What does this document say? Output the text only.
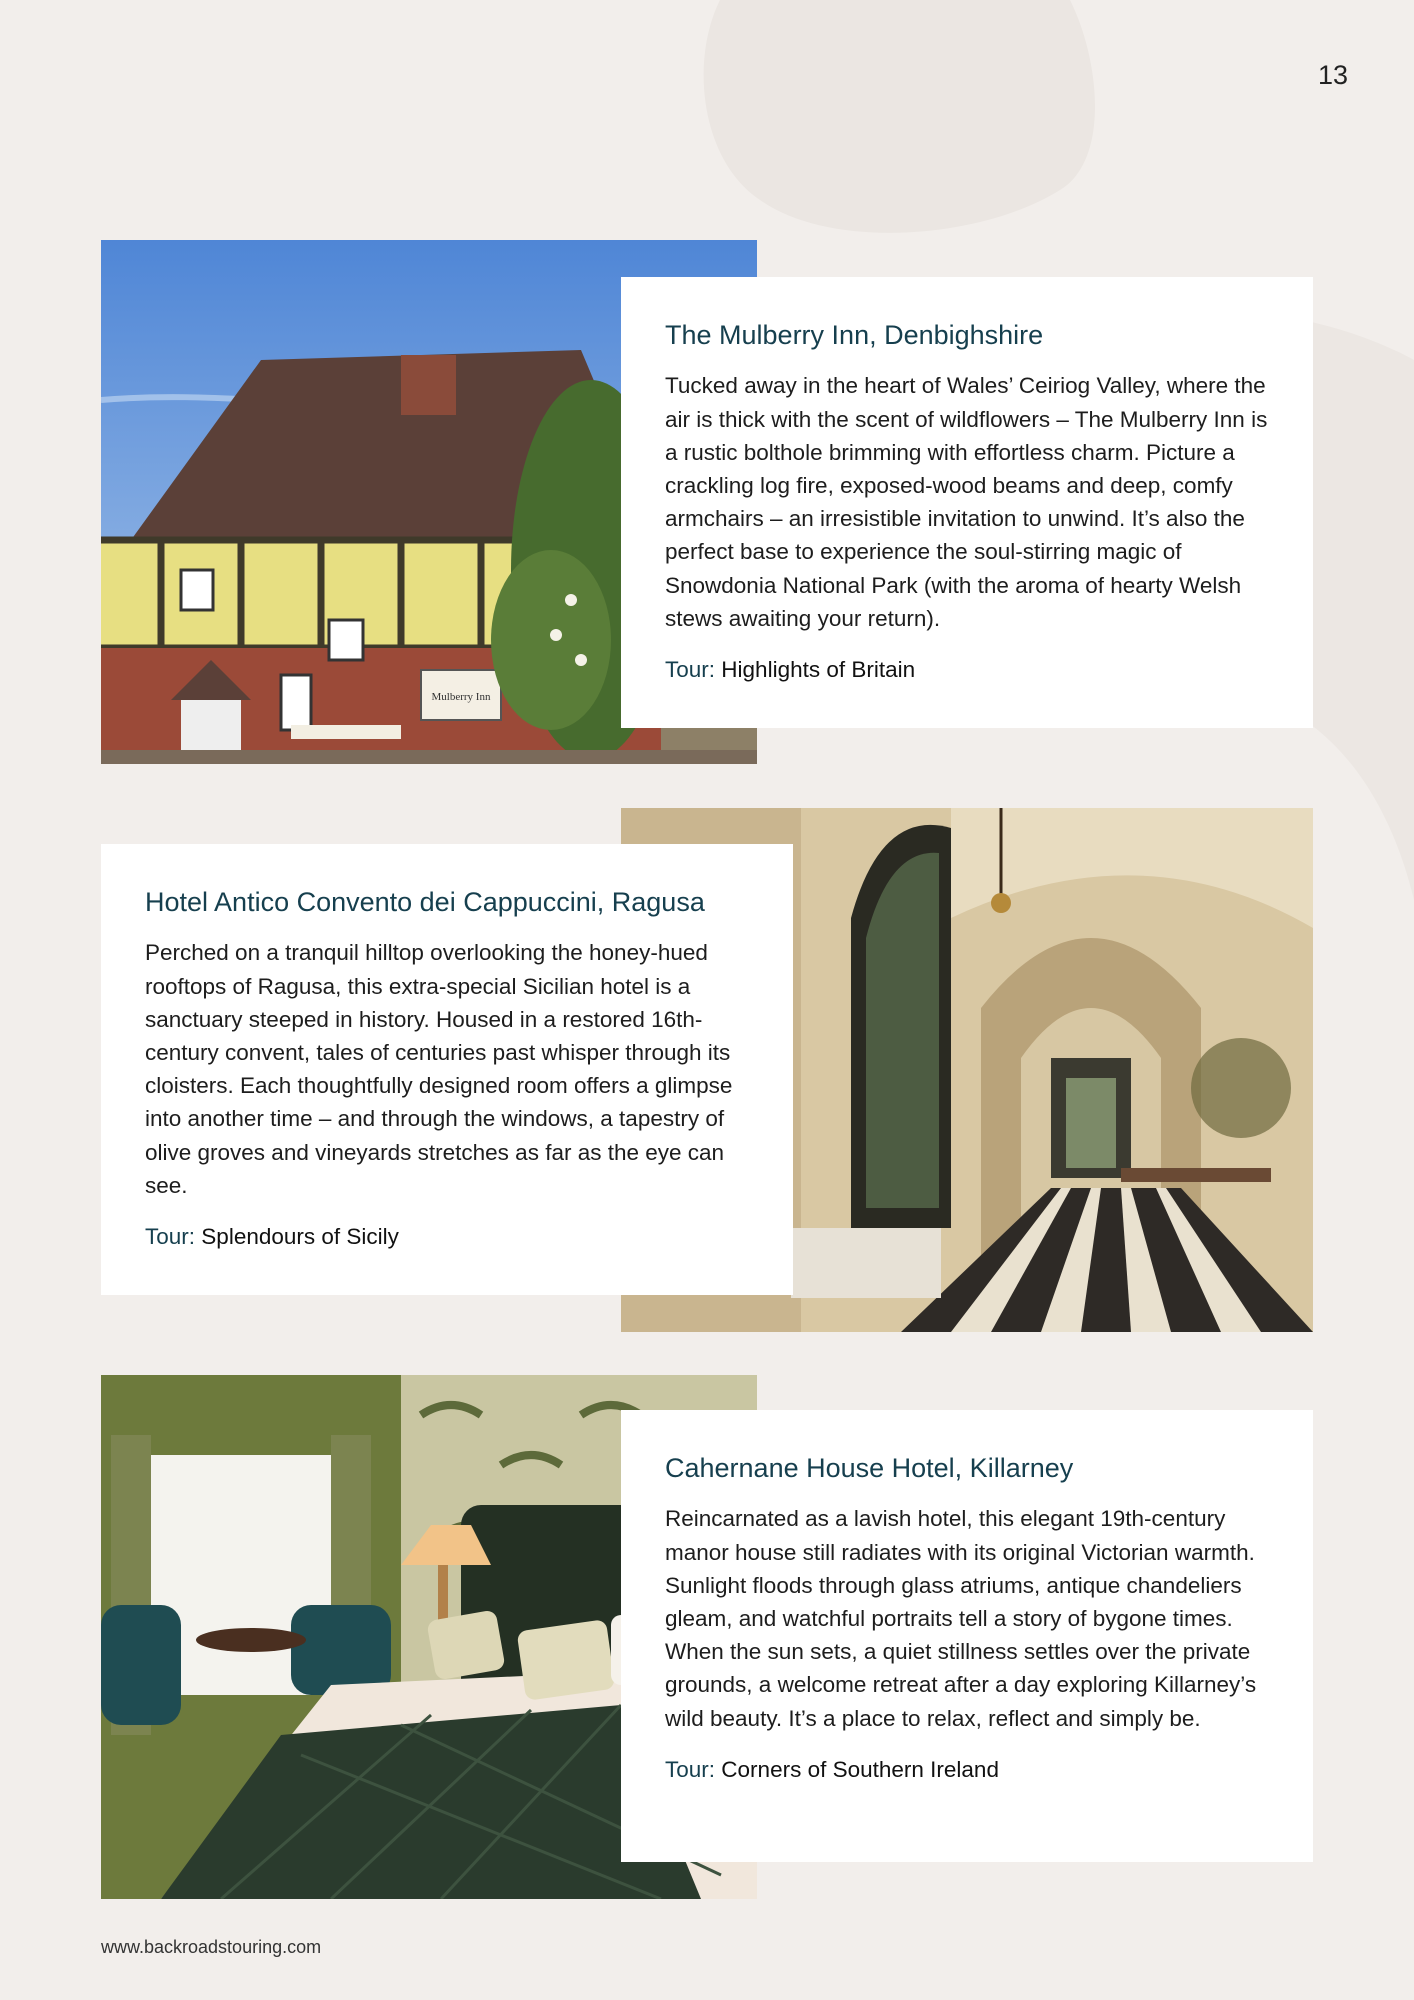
13
Mulberry Inn
The Mulberry Inn, Denbighshire

Tucked away in the heart of Wales’ Ceiriog Valley, where the air is thick with the scent of wildflowers – The Mulberry Inn is a rustic bolthole brimming with effortless charm. Picture a crackling log fire, exposed-wood beams and deep, comfy armchairs – an irresistible invitation to unwind. It’s also the perfect base to experience the soul-stirring magic of Snowdonia National Park (with the aroma of hearty Welsh stews awaiting your return).

Tour: Highlights of Britain
Hotel Antico Convento dei Cappuccini, Ragusa

Perched on a tranquil hilltop overlooking the honey-hued rooftops of Ragusa, this extra-special Sicilian hotel is a sanctuary steeped in history. Housed in a restored 16th-century convent, tales of centuries past whisper through its cloisters. Each thoughtfully designed room offers a glimpse into another time – and through the windows, a tapestry of olive groves and vineyards stretches as far as the eye can see.

Tour: Splendours of Sicily
Cahernane House Hotel, Killarney

Reincarnated as a lavish hotel, this elegant 19th-century manor house still radiates with its original Victorian warmth. Sunlight floods through glass atriums, antique chandeliers gleam, and watchful portraits tell a story of bygone times. When the sun sets, a quiet stillness settles over the private grounds, a welcome retreat after a day exploring Killarney’s wild beauty. It’s a place to relax, reflect and simply be.

Tour: Corners of Southern Ireland
www.backroadstouring.com
